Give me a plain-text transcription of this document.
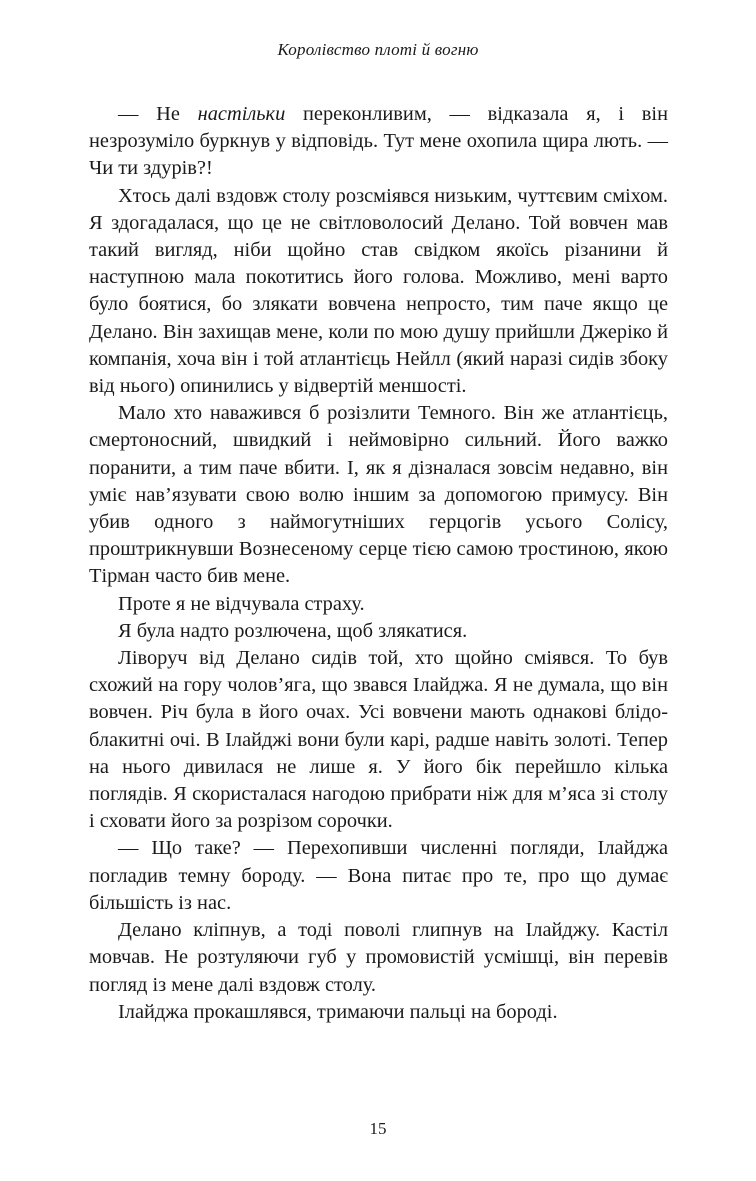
Королівство плоті й вогню

— Не настільки переконливим, — відказала я, і він незрозуміло буркнув у відповідь. Тут мене охопила щира лють. — Чи ти здурів?!

Хтось далі вздовж столу розсміявся низьким, чуттєвим сміхом. Я здогадалася, що це не світловолосий Делано. Той вовчен мав такий вигляд, ніби щойно став свідком якоїсь різанини й наступною мала покотитись його голова. Можливо, мені варто було боятися, бо злякати вовчена непросто, тим паче якщо це Делано. Він захищав мене, коли по мою душу прийшли Джеріко й компанія, хоча він і той атлантієць Нейлл (який наразі сидів збоку від нього) опинились у відвертій меншості.

Мало хто наважився б розізлити Темного. Він же атлантієць, смертоносний, швидкий і неймовірно сильний. Його важко поранити, а тим паче вбити. І, як я дізналася зовсім недавно, він уміє нав’язувати свою волю іншим за допомогою примусу. Він убив одного з наймогутніших герцогів усього Солісу, проштрикнувши Вознесеному серце тією самою тростиною, якою Тірман часто бив мене.

Проте я не відчувала страху.

Я була надто розлючена, щоб злякатися.

Ліворуч від Делано сидів той, хто щойно сміявся. То був схожий на гору чолов’яга, що звався Ілайджа. Я не думала, що він вовчен. Річ була в його очах. Усі вовчени мають однакові блідо-блакитні очі. В Ілайджі вони були карі, радше навіть золоті. Тепер на нього дивилася не лише я. У його бік перейшло кілька поглядів. Я скористалася нагодою прибрати ніж для м’яса зі столу і сховати його за розрізом сорочки.

— Що таке? — Перехопивши численні погляди, Ілайджа погладив темну бороду. — Вона питає про те, про що думає більшість із нас.

Делано кліпнув, а тоді поволі глипнув на Ілайджу. Кастіл мовчав. Не розтуляючи губ у промовистій усмішці, він перевів погляд із мене далі вздовж столу.

Ілайджа прокашлявся, тримаючи пальці на бороді.

15
